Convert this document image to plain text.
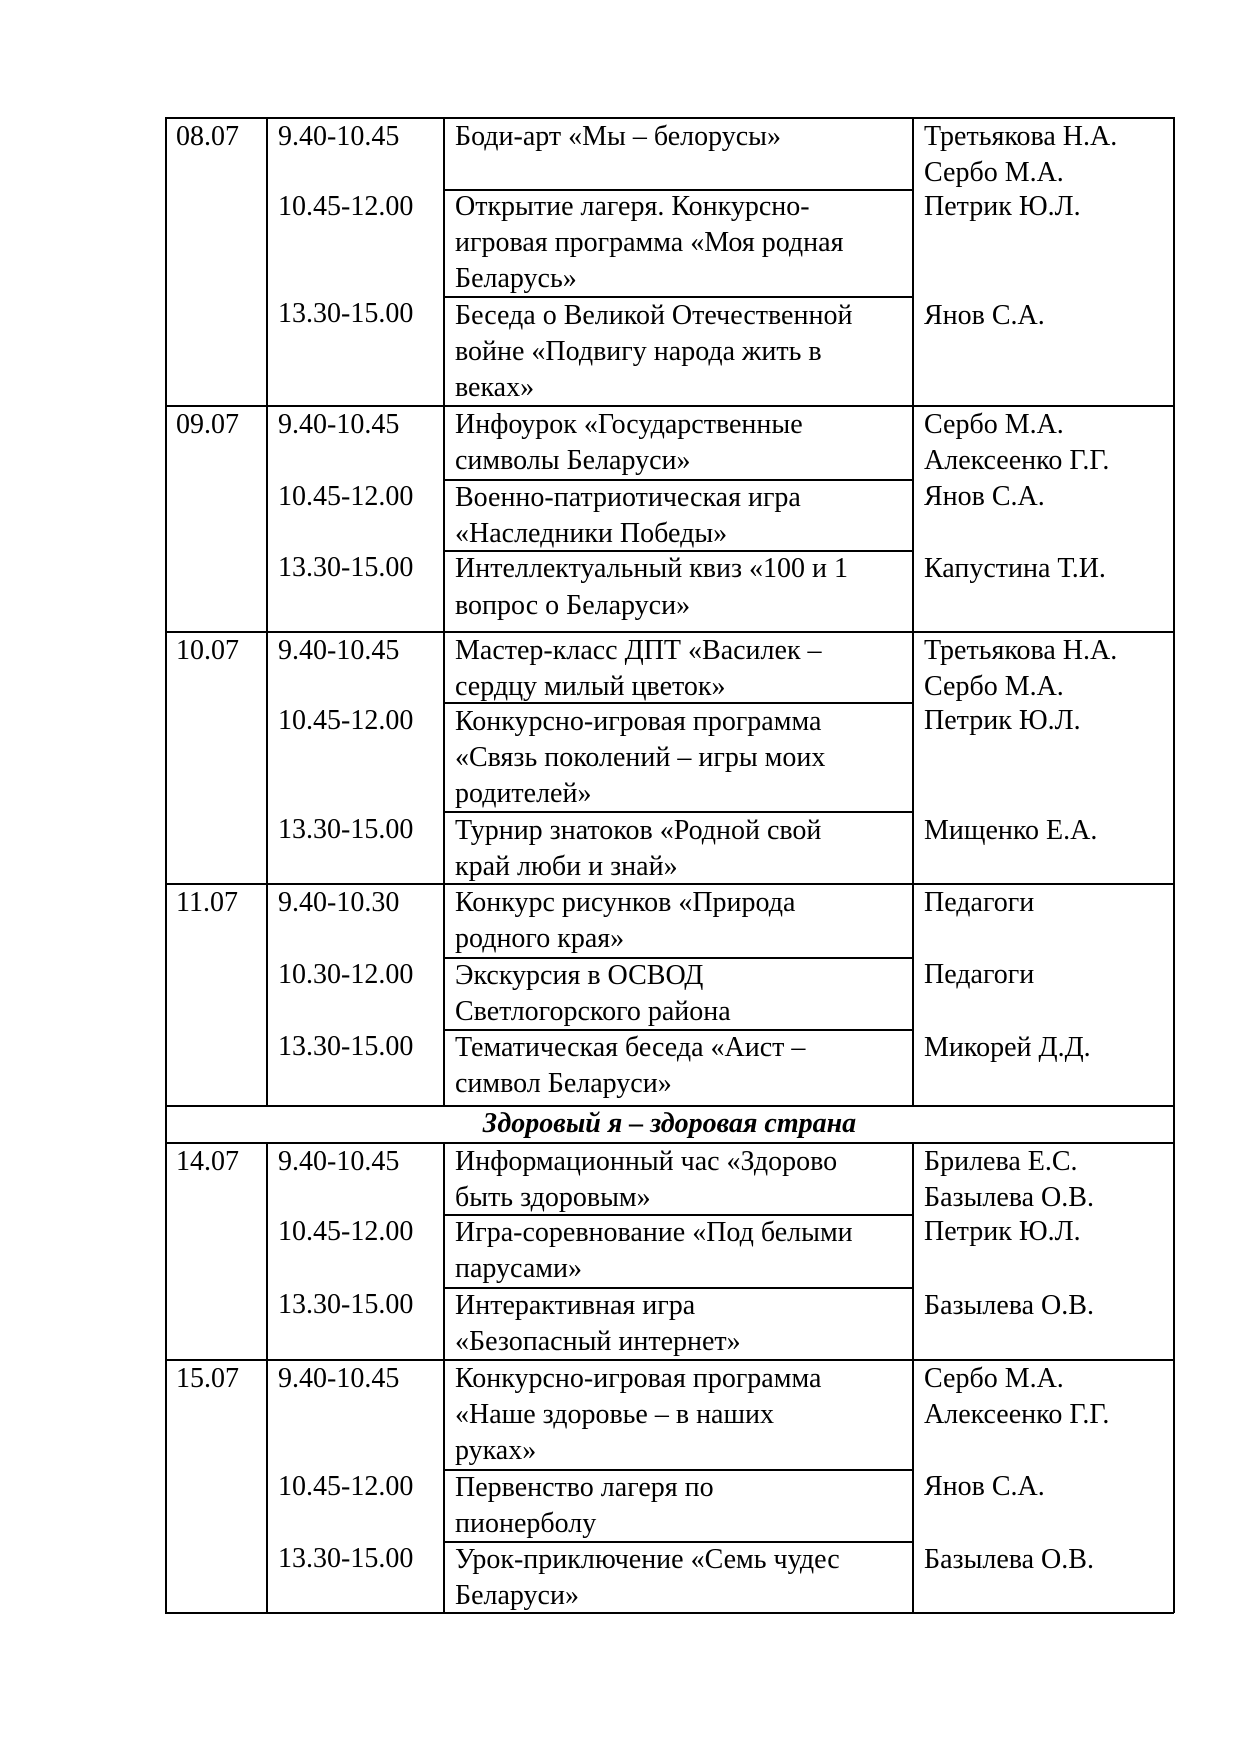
08.07 9.40-10.45
10.45-12.00
13.30-15.00
Боди-арт «Мы – белорусы»
Открытие лагеря. Конкурсно-
игровая программа «Моя родная
Беларусь»
Беседа о Великой Отечественной
войне «Подвигу народа жить в
веках»
Третьякова Н.А.
Сербо М.А.
Петрик Ю.Л.
Янов С.А.
09.07 9.40-10.45
10.45-12.00
13.30-15.00
Инфоурок «Государственные
символы Беларуси»
Военно-патриотическая игра
«Наследники Победы»
Интеллектуальный квиз «100 и 1
вопрос о Беларуси»
Сербо М.А.
Алексеенко Г.Г.
Янов С.А.
Капустина Т.И.
10.07 9.40-10.45
10.45-12.00
13.30-15.00
Мастер-класс ДПТ «Василек –
сердцу милый цветок»
Конкурсно-игровая программа
«Связь поколений – игры моих
родителей»
Турнир знатоков «Родной свой
край люби и знай»
Третьякова Н.А.
Сербо М.А.
Петрик Ю.Л.
Мищенко Е.А.
11.07 9.40-10.30
10.30-12.00
13.30-15.00
Конкурс рисунков «Природа
родного края»
Экскурсия в ОСВОД
Светлогорского района
Тематическая беседа «Аист –
символ Беларуси»
Педагоги
Педагоги
Микорей Д.Д.
Здоровый я – здоровая страна
14.07 9.40-10.45
10.45-12.00
13.30-15.00
Информационный час «Здорово
быть здоровым»
Игра-соревнование «Под белыми
парусами»
Интерактивная игра
«Безопасный интернет»
Брилева Е.С.
Базылева О.В.
Петрик Ю.Л.
Базылева О.В.
15.07 9.40-10.45
10.45-12.00
13.30-15.00
Конкурсно-игровая программа
«Наше здоровье – в наших
руках»
Первенство лагеря по
пионерболу
Урок-приключение «Семь чудес
Беларуси»
Сербо М.А.
Алексеенко Г.Г.
Янов С.А.
Базылева О.В.
